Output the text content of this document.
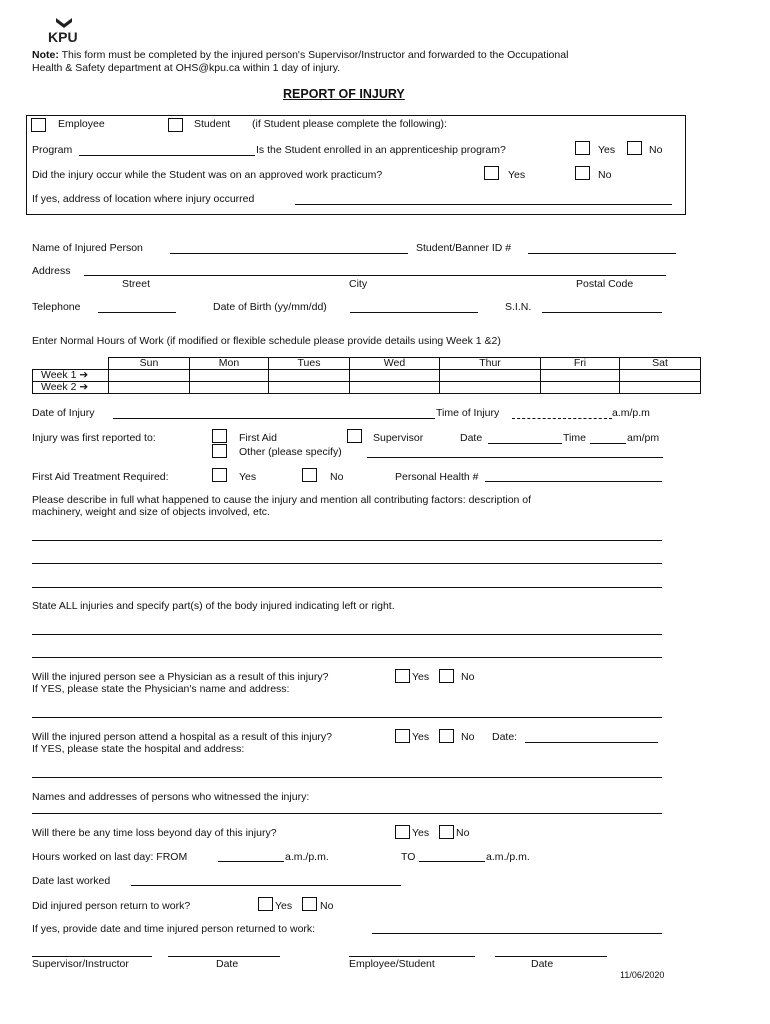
KPU
Note: This form must be completed by the injured person's Supervisor/Instructor and forwarded to the Occupational
Health & Safety department at OHS@kpu.ca within 1 day of injury.
REPORT OF INJURY
Employee	Student (if Student please complete the following):
Program	Is the Student enrolled in an apprenticeship program?	Yes	No
Did the injury occur while the Student was on an approved work practicum?	Yes	No
If yes, address of location where injury occurred
Name of Injured Person	Student/Banner ID #
Address
Street	City	Postal Code
Telephone	Date of Birth (yy/mm/dd)	S.I.N.
Enter Normal Hours of Work (if modified or flexible schedule please provide details using Week 1 &2)
	Sun	Mon	Tues	Wed	Thur	Fri	Sat
Week 1 ➔							
Week 2 ➔							
Date of Injury	Time of Injury	a.m/p.m
Injury was first reported to:	First Aid	Supervisor	Date	Time	am/pm
Other (please specify)
First Aid Treatment Required:	Yes	No	Personal Health #
Please describe in full what happened to cause the injury and mention all contributing factors: description of
machinery, weight and size of objects involved, etc.
State ALL injuries and specify part(s) of the body injured indicating left or right.
Will the injured person see a Physician as a result of this injury?	Yes	No
If YES, please state the Physician's name and address:
Will the injured person attend a hospital as a result of this injury?	Yes	No Date:
If YES, please state the hospital and address:
Names and addresses of persons who witnessed the injury:
Will there be any time loss beyond day of this injury?	Yes	No
Hours worked on last day: FROM	a.m./p.m.	TO	a.m./p.m.
Date last worked
Did injured person return to work?	Yes	No
If yes, provide date and time injured person returned to work:
Supervisor/Instructor	Date	Employee/Student	Date
11/06/2020
